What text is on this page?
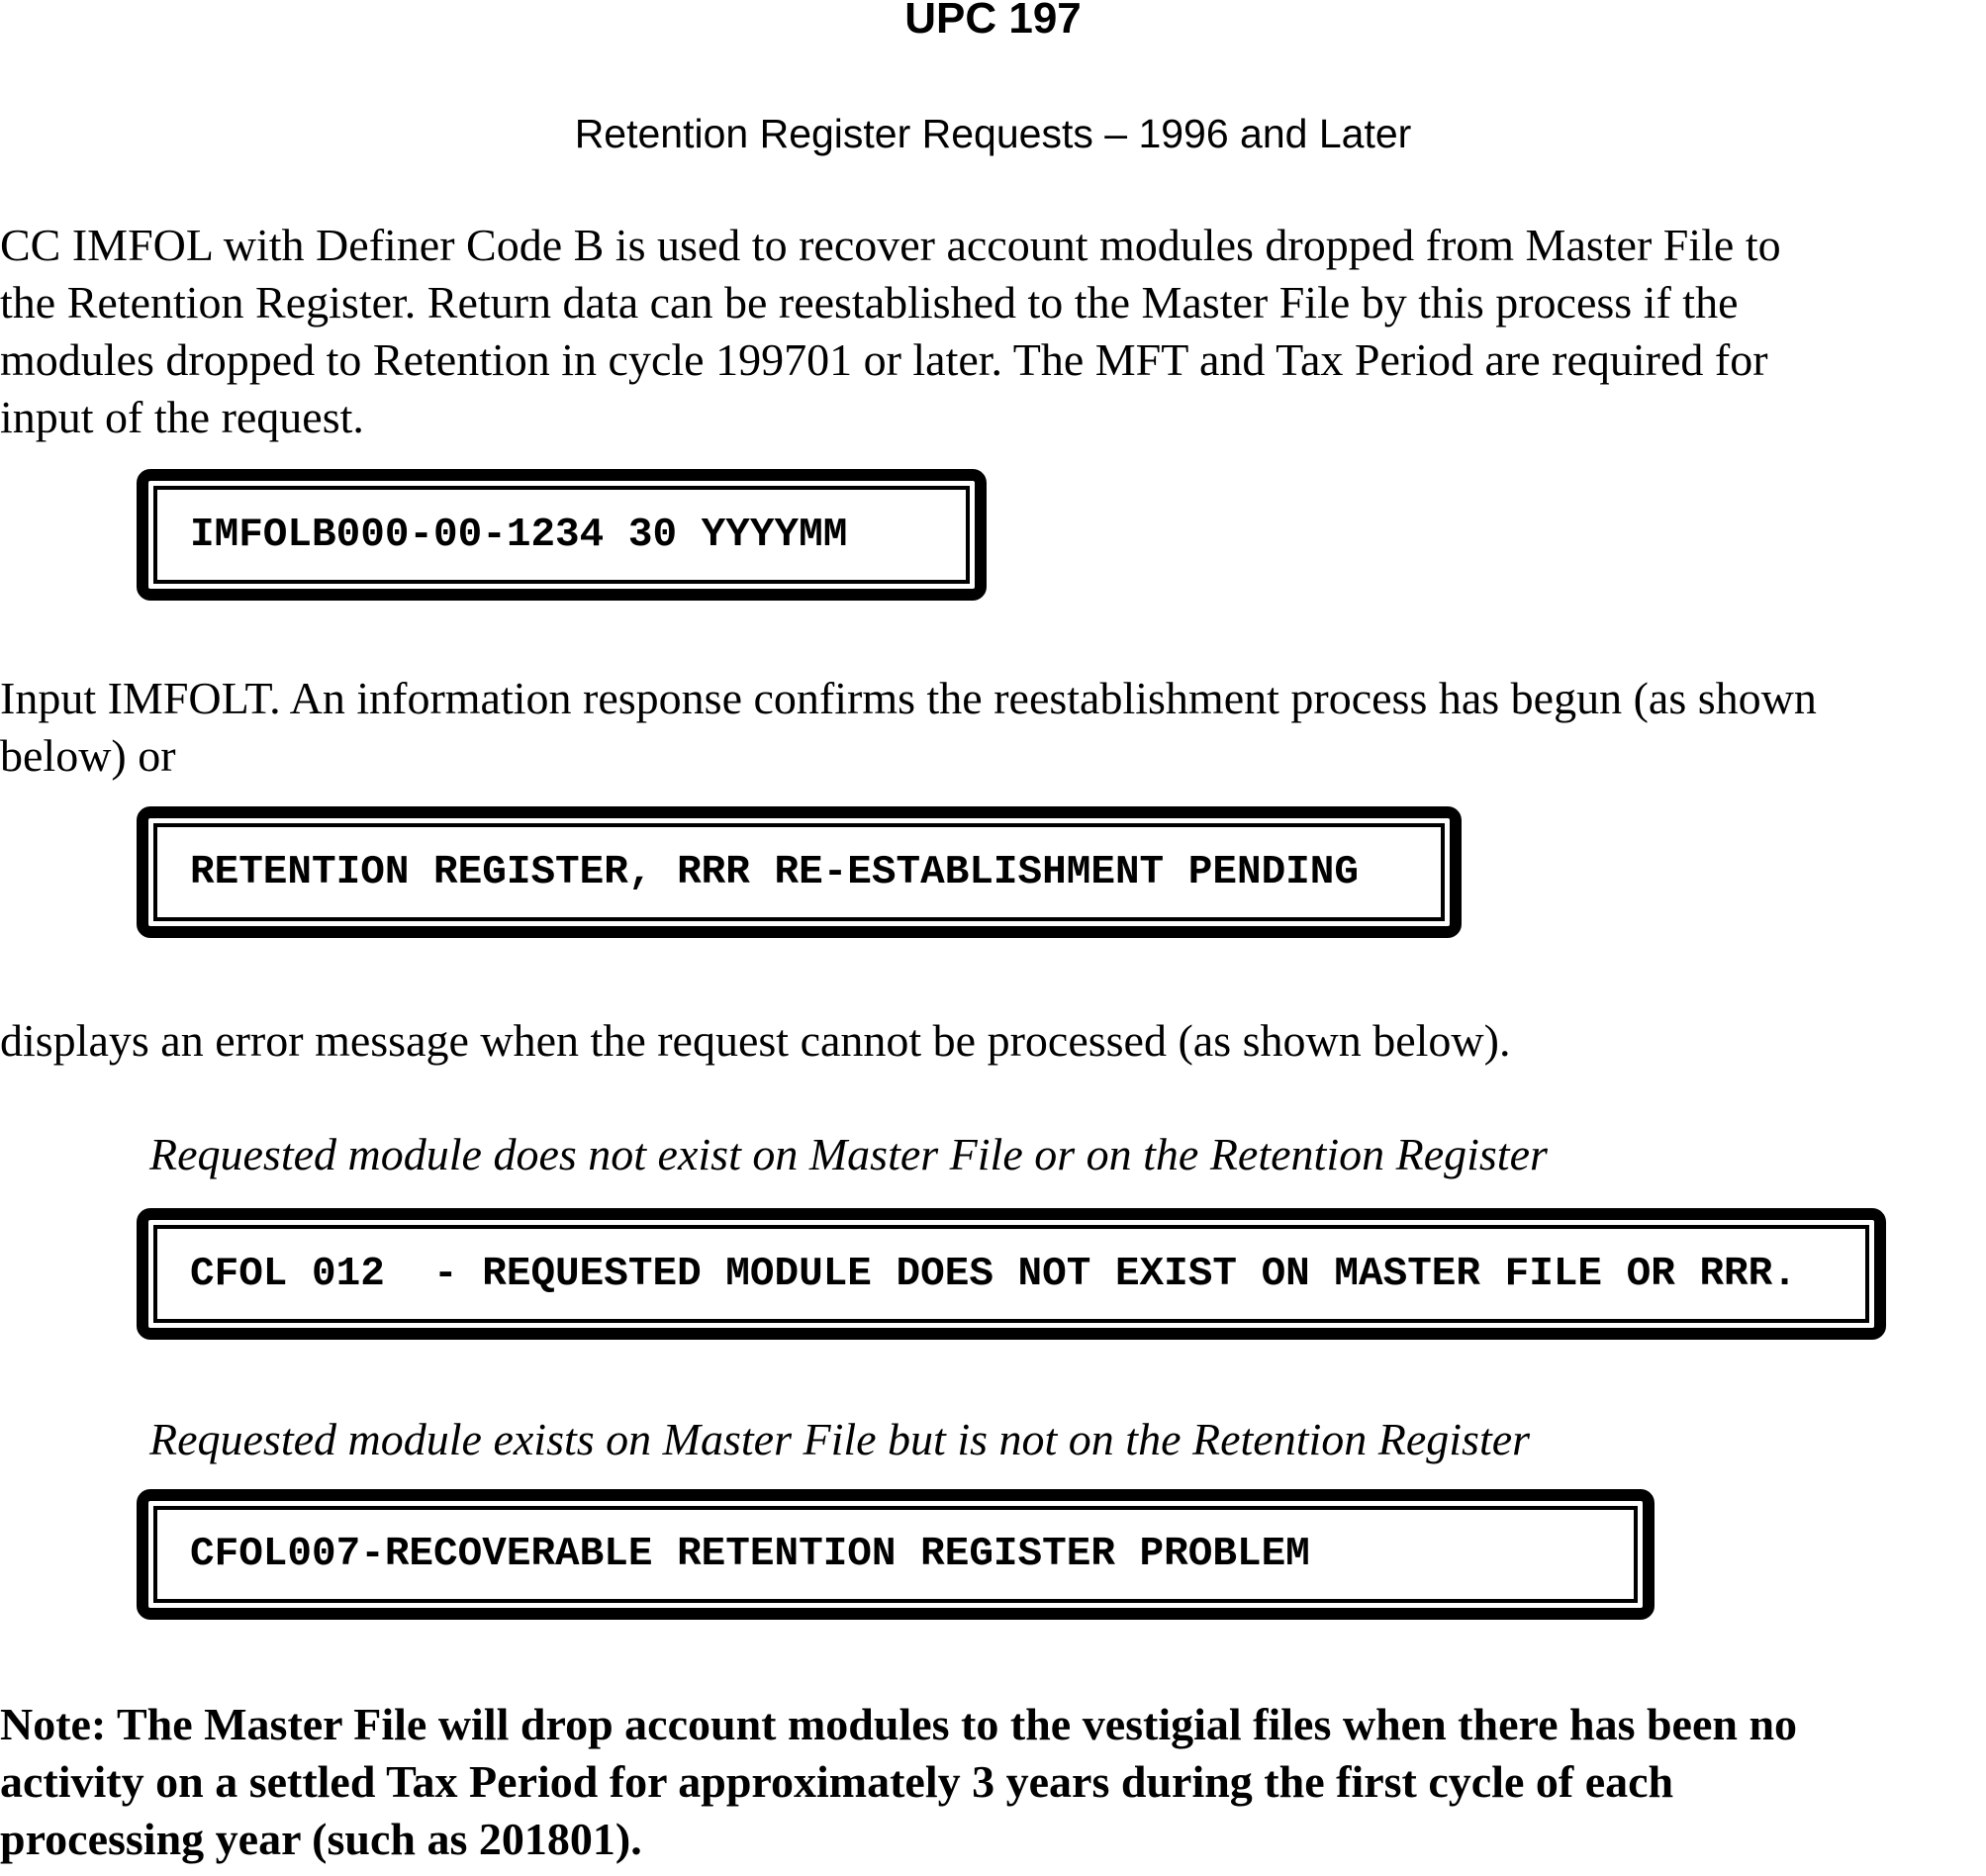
UPC 197
Retention Register Requests – 1996 and Later
CC IMFOL with Definer Code B is used to recover account modules dropped from Master File to
the Retention Register. Return data can be reestablished to the Master File by this process if the
modules dropped to Retention in cycle 199701 or later. The MFT and Tax Period are required for
input of the request.
IMFOLB000-00-1234 30 YYYYMM
Input IMFOLT. An information response confirms the reestablishment process has begun (as shown
below) or
RETENTION REGISTER, RRR RE-ESTABLISHMENT PENDING
displays an error message when the request cannot be processed (as shown below).
Requested module does not exist on Master File or on the Retention Register
CFOL 012  - REQUESTED MODULE DOES NOT EXIST ON MASTER FILE OR RRR.
Requested module exists on Master File but is not on the Retention Register
CFOL007-RECOVERABLE RETENTION REGISTER PROBLEM
Note: The Master File will drop account modules to the vestigial files when there has been no
activity on a settled Tax Period for approximately 3 years during the first cycle of each
processing year (such as 201801).
